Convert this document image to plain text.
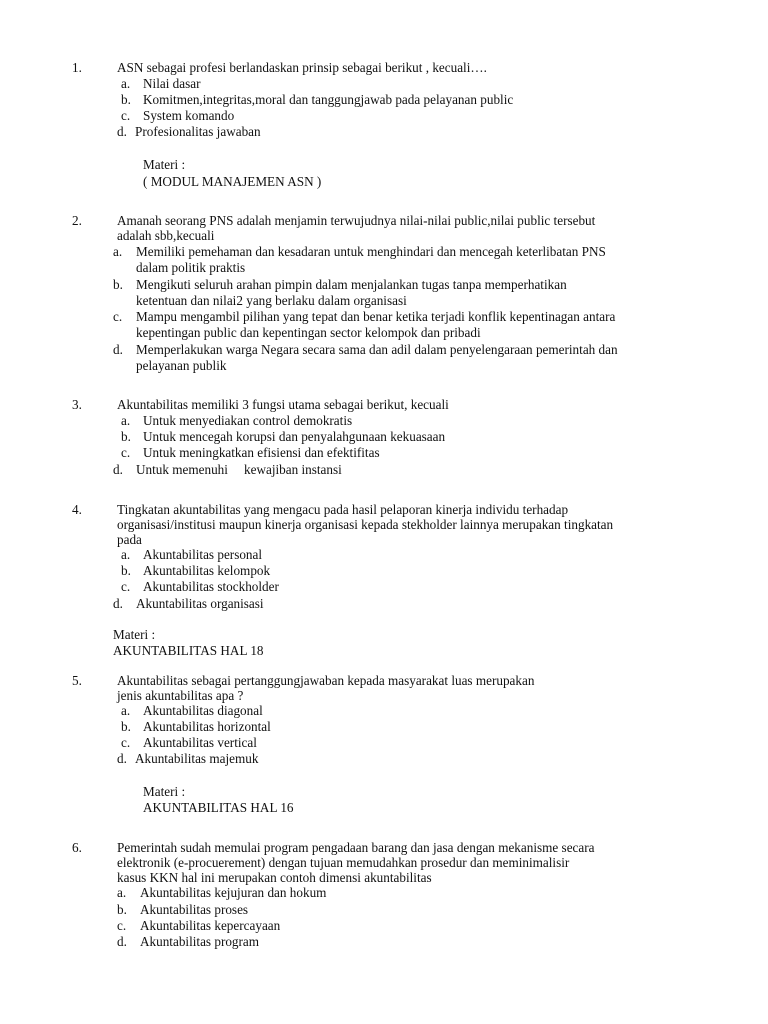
1.	ASN sebagai profesi berlandaskan prinsip sebagai berikut , kecuali….
a. Nilai dasar
b. Komitmen,integritas,moral dan tanggungjawab pada pelayanan public
c. System komando
d. Profesionalitas jawaban
Materi :
( MODUL MANAJEMEN ASN )
2.	Amanah seorang PNS adalah menjamin terwujudnya nilai-nilai public,nilai public tersebut
adalah sbb,kecuali
a. Memiliki pemehaman dan kesadaran untuk menghindari dan mencegah keterlibatan PNS
dalam politik praktis
b. Mengikuti seluruh arahan pimpin dalam menjalankan tugas tanpa memperhatikan
ketentuan dan nilai2 yang berlaku dalam organisasi
c. Mampu mengambil pilihan yang tepat dan benar ketika terjadi konflik kepentinagan antara
kepentingan public dan kepentingan sector kelompok dan pribadi
d. Memperlakukan warga Negara secara sama dan adil dalam penyelengaraan pemerintah dan
pelayanan publik
3.	Akuntabilitas memiliki 3 fungsi utama sebagai berikut, kecuali
a. Untuk menyediakan control demokratis
b. Untuk mencegah korupsi dan penyalahgunaan kekuasaan
c. Untuk meningkatkan efisiensi dan efektifitas
d. Untuk memenuhi kewajiban instansi
4.	Tingkatan akuntabilitas yang mengacu pada hasil pelaporan kinerja individu terhadap
organisasi/institusi maupun kinerja organisasi kepada stekholder lainnya merupakan tingkatan
pada
a. Akuntabilitas personal
b. Akuntabilitas kelompok
c. Akuntabilitas stockholder
d. Akuntabilitas organisasi
Materi :
AKUNTABILITAS HAL 18
5.	Akuntabilitas sebagai pertanggungjawaban kepada masyarakat luas merupakan
jenis akuntabilitas apa ?
a. Akuntabilitas diagonal
b. Akuntabilitas horizontal
c. Akuntabilitas vertical
d. Akuntabilitas majemuk
Materi :
AKUNTABILITAS HAL 16
6.	Pemerintah sudah memulai program pengadaan barang dan jasa dengan mekanisme secara
elektronik (e-procuerement) dengan tujuan memudahkan prosedur dan meminimalisir
kasus KKN hal ini merupakan contoh dimensi akuntabilitas
a. Akuntabilitas kejujuran dan hokum
b. Akuntabilitas proses
c. Akuntabilitas kepercayaan
d. Akuntabilitas program
